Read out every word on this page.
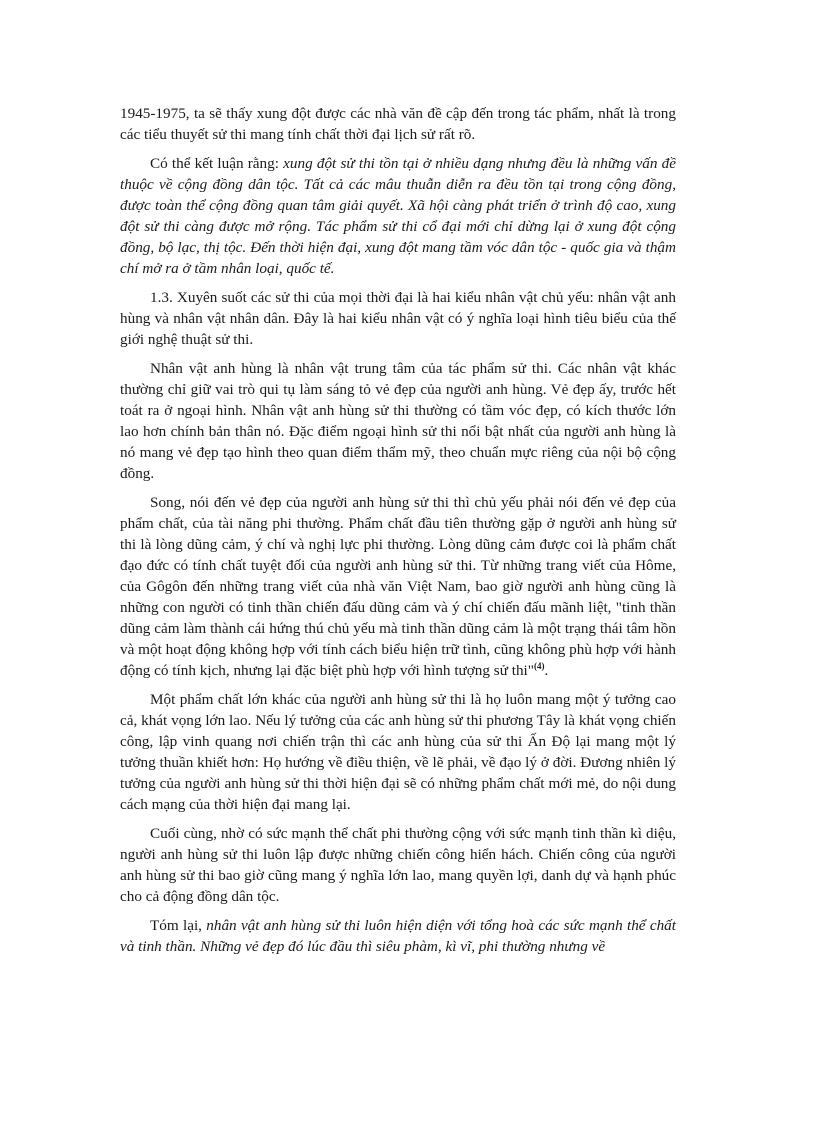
1945-1975, ta sẽ thấy xung đột được các nhà văn đề cập đến trong tác phẩm, nhất là trong các tiểu thuyết sử thi mang tính chất thời đại lịch sử rất rõ.

Có thể kết luận rằng: xung đột sử thi tồn tại ở nhiều dạng nhưng đều là những vấn đề thuộc về cộng đồng dân tộc. Tất cả các mâu thuẫn diễn ra đều tồn tại trong cộng đồng, được toàn thể cộng đồng quan tâm giải quyết. Xã hội càng phát triển ở trình độ cao, xung đột sử thi càng được mở rộng. Tác phẩm sử thi cổ đại mới chỉ dừng lại ở xung đột cộng đồng, bộ lạc, thị tộc. Đến thời hiện đại, xung đột mang tầm vóc dân tộc - quốc gia và thậm chí mở ra ở tầm nhân loại, quốc tế.

1.3. Xuyên suốt các sử thi của mọi thời đại là hai kiểu nhân vật chủ yếu: nhân vật anh hùng và nhân vật nhân dân. Đây là hai kiểu nhân vật có ý nghĩa loại hình tiêu biểu của thế giới nghệ thuật sử thi.

Nhân vật anh hùng là nhân vật trung tâm của tác phẩm sử thi. Các nhân vật khác thường chỉ giữ vai trò qui tụ làm sáng tỏ vẻ đẹp của người anh hùng. Vẻ đẹp ấy, trước hết toát ra ở ngoại hình. Nhân vật anh hùng sử thi thường có tầm vóc đẹp, có kích thước lớn lao hơn chính bản thân nó. Đặc điểm ngoại hình sử thi nổi bật nhất của người anh hùng là nó mang vẻ đẹp tạo hình theo quan điểm thẩm mỹ, theo chuẩn mực riêng của nội bộ cộng đồng.

Song, nói đến vẻ đẹp của người anh hùng sử thi thì chủ yếu phải nói đến vẻ đẹp của phẩm chất, của tài năng phi thường. Phẩm chất đầu tiên thường gặp ở người anh hùng sử thi là lòng dũng cảm, ý chí và nghị lực phi thường. Lòng dũng cảm được coi là phẩm chất đạo đức có tính chất tuyệt đối của người anh hùng sử thi. Từ những trang viết của Hôme, của Gôgôn đến những trang viết của nhà văn Việt Nam, bao giờ người anh hùng cũng là những con người có tinh thần chiến đấu dũng cảm và ý chí chiến đấu mãnh liệt, "tinh thần dũng cảm làm thành cái hứng thú chủ yếu mà tinh thần dũng cảm là một trạng thái tâm hồn và một hoạt động không hợp với tính cách biểu hiện trữ tình, cũng không phù hợp với hành động có tính kịch, nhưng lại đặc biệt phù hợp với hình tượng sử thi"$^{(4)}$.

Một phẩm chất lớn khác của người anh hùng sử thi là họ luôn mang một ý tưởng cao cả, khát vọng lớn lao. Nếu lý tưởng của các anh hùng sử thi phương Tây là khát vọng chiến công, lập vinh quang nơi chiến trận thì các anh hùng của sử thi Ấn Độ lại mang một lý tưởng thuần khiết hơn: Họ hướng về điều thiện, về lẽ phải, về đạo lý ở đời. Đương nhiên lý tưởng của người anh hùng sử thi thời hiện đại sẽ có những phẩm chất mới mẻ, do nội dung cách mạng của thời hiện đại mang lại.

Cuối cùng, nhờ có sức mạnh thể chất phi thường cộng với sức mạnh tinh thần kì diệu, người anh hùng sử thi luôn lập được những chiến công hiển hách. Chiến công của người anh hùng sử thi bao giờ cũng mang ý nghĩa lớn lao, mang quyền lợi, danh dự và hạnh phúc cho cả động đồng dân tộc.

Tóm lại, nhân vật anh hùng sử thi luôn hiện diện với tổng hoà các sức mạnh thể chất và tinh thần. Những vẻ đẹp đó lúc đầu thì siêu phàm, kì vĩ, phi thường nhưng về
